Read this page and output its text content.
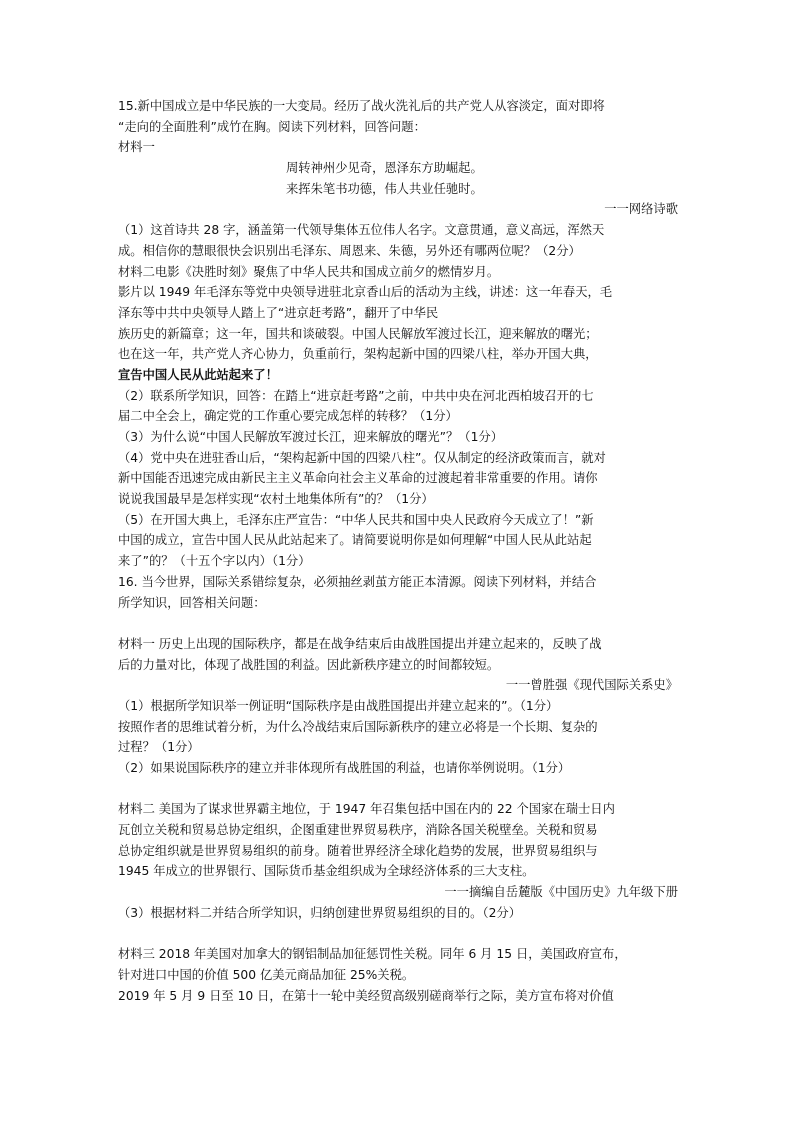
15.新中国成立是中华民族的一大变局。经历了战火洗礼后的共产党人从容淡定，面对即将
“走向的全面胜利”成竹在胸。阅读下列材料，回答问题：
材料一
周转神州少见奇，恩泽东方助崛起。
来挥朱笔书功德，伟人共业任驰时。
一一网络诗歌
（1）这首诗共 28 字，涵盖第一代领导集体五位伟人名字。文意贯通，意义高远，浑然天
成。相信你的慧眼很快会识别出毛泽东、周恩来、朱德，另外还有哪两位呢？（2分）
材料二电影《决胜时刻》聚焦了中华人民共和国成立前夕的燃情岁月。
影片以 1949 年毛泽东等党中央领导进驻北京香山后的活动为主线，讲述：这一年春天，毛
泽东等中共中央领导人踏上了“进京赶考路”，翻开了中华民
族历史的新篇章；这一年，国共和谈破裂。中国人民解放军渡过长江，迎来解放的曙光；
也在这一年，共产党人齐心协力，负重前行，架构起新中国的四梁八柱，举办开国大典，
宣告中国人民从此站起来了！
（2）联系所学知识，回答：在踏上“进京赶考路”之前，中共中央在河北西柏坡召开的七
届二中全会上，确定党的工作重心要完成怎样的转移？（1分）
（3）为什么说“中国人民解放军渡过长江，迎来解放的曙光”？（1分）
（4）党中央在进驻香山后，“架构起新中国的四梁八柱”。仅从制定的经济政策而言，就对
新中国能否迅速完成由新民主主义革命向社会主义革命的过渡起着非常重要的作用。请你
说说我国最早是怎样实现“农村土地集体所有”的？（1分）
（5）在开国大典上，毛泽东庄严宣告：“中华人民共和国中央人民政府今天成立了！”新
中国的成立，宣告中国人民从此站起来了。请简要说明你是如何理解“中国人民从此站起
来了”的？（十五个字以内）（1分）
16. 当今世界，国际关系错综复杂，必须抽丝剥茧方能正本清源。阅读下列材料，并结合
所学知识，回答相关问题：
材料一 历史上出现的国际秩序，都是在战争结束后由战胜国提出并建立起来的，反映了战
后的力量对比，体现了战胜国的利益。因此新秩序建立的时间都较短。
一一曾胜强《现代国际关系史》
（1）根据所学知识举一例证明“国际秩序是由战胜国提出并建立起来的”。（1分）
按照作者的思维试着分析，为什么冷战结束后国际新秩序的建立必将是一个长期、复杂的
过程？（1分）
（2）如果说国际秩序的建立并非体现所有战胜国的利益，也请你举例说明。（1分）
材料二 美国为了谋求世界霸主地位，于 1947 年召集包括中国在内的 22 个国家在瑞士日内
瓦创立关税和贸易总协定组织，企图重建世界贸易秩序，消除各国关税壁垒。关税和贸易
总协定组织就是世界贸易组织的前身。随着世界经济全球化趋势的发展，世界贸易组织与
1945 年成立的世界银行、国际货币基金组织成为全球经济体系的三大支柱。
一一摘编自岳麓版《中国历史》九年级下册
（3）根据材料二并结合所学知识，归纳创建世界贸易组织的目的。（2分）
材料三 2018 年美国对加拿大的钢铝制品加征惩罚性关税。同年 6 月 15 日，美国政府宣布，
针对进口中国的价值 500 亿美元商品加征 25%关税。
2019 年 5 月 9 日至 10 日，在第十一轮中美经贸高级别磋商举行之际，美方宣布将对价值
